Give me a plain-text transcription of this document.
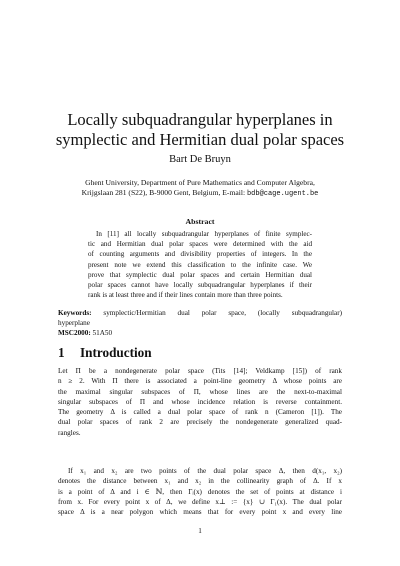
Locally subquadrangular hyperplanes in
symplectic and Hermitian dual polar spaces
Bart De Bruyn
Ghent University, Department of Pure Mathematics and Computer Algebra,
Krijgslaan 281 (S22), B-9000 Gent, Belgium, E-mail: bdb@cage.ugent.be
Abstract
In [11] all locally subquadrangular hyperplanes of finite symplec-
tic and Hermitian dual polar spaces were determined with the aid
of counting arguments and divisibility properties of integers. In the
present note we extend this classification to the infinite case. We
prove that symplectic dual polar spaces and certain Hermitian dual
polar spaces cannot have locally subquadrangular hyperplanes if their
rank is at least three and if their lines contain more than three points.
Keywords: symplectic/Hermitian dual polar space, (locally subquadrangular)
hyperplane
MSC2000: 51A50
1 Introduction
Let Π be a nondegenerate polar space (Tits [14]; Veldkamp [15]) of rank
n ≥ 2. With Π there is associated a point-line geometry Δ whose points are
the maximal singular subspaces of Π, whose lines are the next-to-maximal
singular subspaces of Π and whose incidence relation is reverse containment.
The geometry Δ is called a dual polar space of rank n (Cameron [1]). The
dual polar spaces of rank 2 are precisely the nondegenerate generalized quad-
rangles.
If x₁ and x₂ are two points of the dual polar space Δ, then d(x₁, x₂)
denotes the distance between x₁ and x₂ in the collinearity graph of Δ. If x
is a point of Δ and i ∈ ℕ, then Γᵢ(x) denotes the set of points at distance i
from x. For every point x of Δ, we define x⊥ := {x} ∪ Γ₁(x). The dual polar
space Δ is a near polygon which means that for every point x and every line
1
